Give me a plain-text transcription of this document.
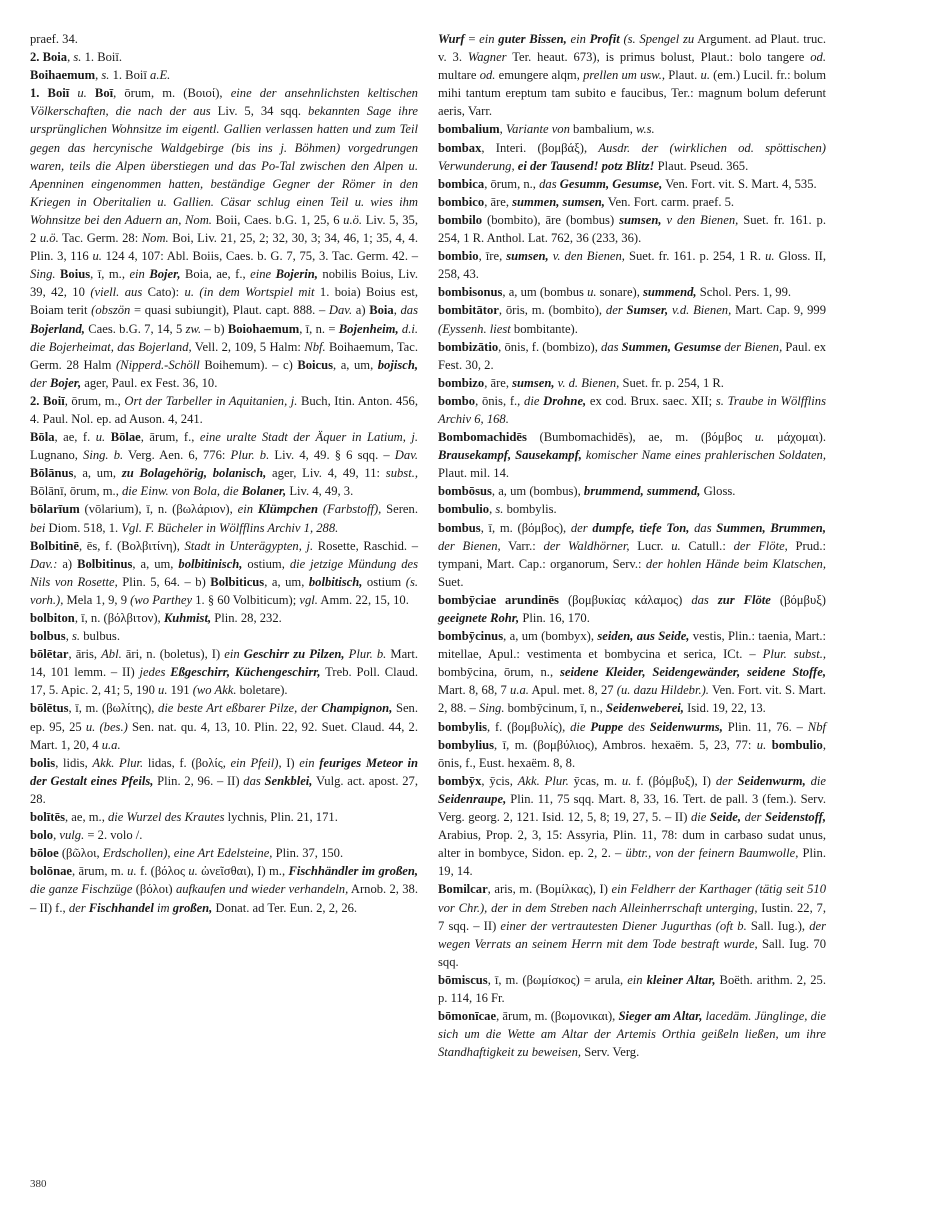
praef. 34.

2. Boia, s. 1. Boiī.

Boihaemum, s. 1. Boiī a.E.

1. Boiī u. Boī, ōrum, m. (Βοιοί), eine der ansehnlichsten keltischen Völkerschaften, die nach der aus Liv. 5, 34 sqq. bekannten Sage ihre ursprünglichen Wohnsitze im eigentl. Gallien verlassen hatten und zum Teil gegen das hercynische Waldgebirge (bis ins j. Böhmen) vorgedrungen waren, teils die Alpen überstiegen und das Po-Tal zwischen den Alpen u. Apenninen eingenommen hatten, beständige Gegner der Römer in den Kriegen in Oberitalien u. Gallien. Cäsar schlug einen Teil u. wies ihm Wohnsitze bei den Aduern an, Nom. Boii, Caes. b.G. 1, 25, 6 u.ö. Liv. 5, 35, 2 u.ö. Tac. Germ. 28: Nom. Boi, Liv. 21, 25, 2; 32, 30, 3; 34, 46, 1; 35, 4, 4. Plin. 3, 116 u. 124 4, 107: Abl. Boiis, Caes. b. G. 7, 75, 3. Tac. Germ. 42. – Sing. Boius, ī, m., ein Bojer, Boia, ae, f., eine Bojerin, nobilis Boius, Liv. 39, 42, 10 (viell. aus Cato): u. (in dem Wortspiel mit 1. boia) Boius est, Boiam terit (obszön = quasi subiungit), Plaut. capt. 888. – Dav. a) Boia, das Bojerland, Caes. b.G. 7, 14, 5 zw. – b) Boiohaemum, ī, n. = Bojenheim, d.i. die Bojerheimat, das Bojerland, Vell. 2, 109, 5 Halm: Nbf. Boihaemum, Tac. Germ. 28 Halm (Nipperd.-Schöll Boihemum). – c) Boicus, a, um, bojisch, der Bojer, ager, Paul. ex Fest. 36, 10.

2. Boiī, ōrum, m., Ort der Tarbeller in Aquitanien, j. Buch, Itin. Anton. 456, 4. Paul. Nol. ep. ad Auson. 4, 241.

Bōla, ae, f. u. Bōlae, ārum, f., eine uralte Stadt der Äquer in Latium, j. Lugnano, Sing. b. Verg. Aen. 6, 776: Plur. b. Liv. 4, 49. § 6 sqq. – Dav. Bōlānus, a, um, zu Bolagehörig, bolanisch, ager, Liv. 4, 49, 11: subst., Bōlānī, ōrum, m., die Einw. von Bola, die Bolaner, Liv. 4, 49, 3.

bōlarīum (vōlarium), ī, n. (βωλάριον), ein Klümpchen (Farbstoff), Seren. bei Diom. 518, 1. Vgl. F. Bücheler in Wölfflins Archiv 1, 288.

Bolbitinē, ēs, f. (Βολβιτίνη), Stadt in Unterägypten, j. Rosette, Raschid. – Dav.: a) Bolbitinus, a, um, bolbitinisch, ostium, die jetzige Mündung des Nils von Rosette, Plin. 5, 64. – b) Bolbiticus, a, um, bolbitisch, ostium (s. vorh.), Mela 1, 9, 9 (wo Parthey 1. § 60 Volbiticum); vgl. Amm. 22, 15, 10.

bolbiton, ī, n. (βόλβιτον), Kuhmist, Plin. 28, 232.

bolbus, s. bulbus.

bōlētar, āris, Abl. āri, n. (boletus), I) ein Geschirr zu Pilzen, Plur. b. Mart. 14, 101 lemm. – II) jedes Eßgeschirr, Küchengeschirr, Treb. Poll. Claud. 17, 5. Apic. 2, 41; 5, 190 u. 191 (wo Akk. boletare).

bōlētus, ī, m. (βωλίτης), die beste Art eßbarer Pilze, der Champignon, Sen. ep. 95, 25 u. (bes.) Sen. nat. qu. 4, 13, 10. Plin. 22, 92. Suet. Claud. 44, 2. Mart. 1, 20, 4 u.a.

bolis, lidis, Akk. Plur. lidas, f. (βολίς, ein Pfeil), I) ein feuriges Meteor in der Gestalt eines Pfeils, Plin. 2, 96. – II) das Senkblei, Vulg. act. apost. 27, 28.

bolītēs, ae, m., die Wurzel des Krautes lychnis, Plin. 21, 171.

bolo, vulg. = 2. volo /.

bōloe (βῶλοι, Erdschollen), eine Art Edelsteine, Plin. 37, 150.

bolōnae, ārum, m. u. f. (βόλος u. ὠνεῖσθαι), I) m., Fischhändler im großen, die ganze Fischzüge (βόλοι) aufkaufen und wieder verhandeln, Arnob. 2, 38. – II) f., der Fischhandel im großen, Donat. ad Ter. Eun. 2, 2, 26.

Wurf = ein guter Bissen, ein Profit (s. Spengel zu Argument. ad Plaut. truc. v. 3. Wagner Ter. heaut. 673), is primus bolust, Plaut.: bolo tangere od. multare od. emungere alqm, prellen um usw., Plaut. u. (em.) Lucil. fr.: bolum mihi tantum ereptum tam subito e faucibus, Ter.: magnum bolum deferunt aeris, Varr.

bombalium, Variante von bambalium, w.s.

bombax, Interi. (βομβάξ), Ausdr. der (wirklichen od. spöttischen) Verwunderung, ei der Tausend! potz Blitz! Plaut. Pseud. 365.

bombica, ōrum, n., das Gesumm, Gesumse, Ven. Fort. vit. S. Mart. 4, 535.

bombico, āre, summen, sumsen, Ven. Fort. carm. praef. 5.

bombilo (bombito), āre (bombus) sumsen, v den Bienen, Suet. fr. 161. p. 254, 1 R. Anthol. Lat. 762, 36 (233, 36).

bombio, īre, sumsen, v. den Bienen, Suet. fr. 161. p. 254, 1 R. u. Gloss. II, 258, 43.

bombisonus, a, um (bombus u. sonare), summend, Schol. Pers. 1, 99.

bombitātor, ōris, m. (bombito), der Sumser, v.d. Bienen, Mart. Cap. 9, 999 (Eyssenh. liest bombitante).

bombizātio, ōnis, f. (bombizo), das Summen, Gesumse der Bienen, Paul. ex Fest. 30, 2.

bombizo, āre, sumsen, v. d. Bienen, Suet. fr. p. 254, 1 R.

bombo, ōnis, f., die Drohne, ex cod. Brux. saec. XII; s. Traube in Wölfflins Archiv 6, 168.

Bombomachidēs (Bumbomachidēs), ae, m. (βόμβος u. μάχομαι). Brausekampf, Sausekampf, komischer Name eines prahlerischen Soldaten, Plaut. mil. 14.

bombōsus, a, um (bombus), brummend, summend, Gloss.

bombulio, s. bombylis.

bombus, ī, m. (βόμβος), der dumpfe, tiefe Ton, das Summen, Brummen, der Bienen, Varr.: der Waldhörner, Lucr. u. Catull.: der Flöte, Prud.: tympani, Mart. Cap.: organorum, Serv.: der hohlen Hände beim Klatschen, Suet.

bombȳciae arundinēs (βομβυκίας κάλαμος) das zur Flöte (βόμβυξ) geeignete Rohr, Plin. 16, 170.

bombȳcinus, a, um (bombyx), seiden, aus Seide, vestis, Plin.: taenia, Mart.: mitellae, Apul.: vestimenta et bombycina et serica, ICt. – Plur. subst., bombȳcina, ōrum, n., seidene Kleider, Seidengewänder, seidene Stoffe, Mart. 8, 68, 7 u.a. Apul. met. 8, 27 (u. dazu Hildebr.). Ven. Fort. vit. S. Mart. 2, 88. – Sing. bombȳcinum, ī, n., Seidenweberei, Isid. 19, 22, 13.

bombylis, f. (βομβυλίς), die Puppe des Seidenwurms, Plin. 11, 76. – Nbf bombylius, ī, m. (βομβύλιος), Ambros. hexaëm. 5, 23, 77: u. bombulio, ōnis, f., Eust. hexaëm. 8, 8.

bombȳx, ȳcis, Akk. Plur. ȳcas, m. u. f. (βόμβυξ), I) der Seidenwurm, die Seidenraupe, Plin. 11, 75 sqq. Mart. 8, 33, 16. Tert. de pall. 3 (fem.). Serv. Verg. georg. 2, 121. Isid. 12, 5, 8; 19, 27, 5. – II) die Seide, der Seidenstoff, Arabius, Prop. 2, 3, 15: Assyria, Plin. 11, 78: dum in carbaso sudat unus, alter in bombyce, Sidon. ep. 2, 2. – übtr., von der feinern Baumwolle, Plin. 19, 14.

Bomilcar, aris, m. (Βομίλκας), I) ein Feldherr der Karthager (tätig seit 510 vor Chr.), der in dem Streben nach Alleinherrschaft unterging, Iustin. 22, 7, 7 sqq. – II) einer der vertrautesten Diener Jugurthas (oft b. Sall. Iug.), der wegen Verrats an seinem Herrn mit dem Tode bestraft wurde, Sall. Iug. 70 sqq.

bōmiscus, ī, m. (βωμίσκος) = arula, ein kleiner Altar, Boëth. arithm. 2, 25. p. 114, 16 Fr.

bōmonīcae, ārum, m. (βωμονικαι), Sieger am Altar, lacedäm. Jünglinge, die sich um die Wette am Altar der Artemis Orthia geißeln ließen, um ihre Standhaftigkeit zu beweisen, Serv. Verg.

380
